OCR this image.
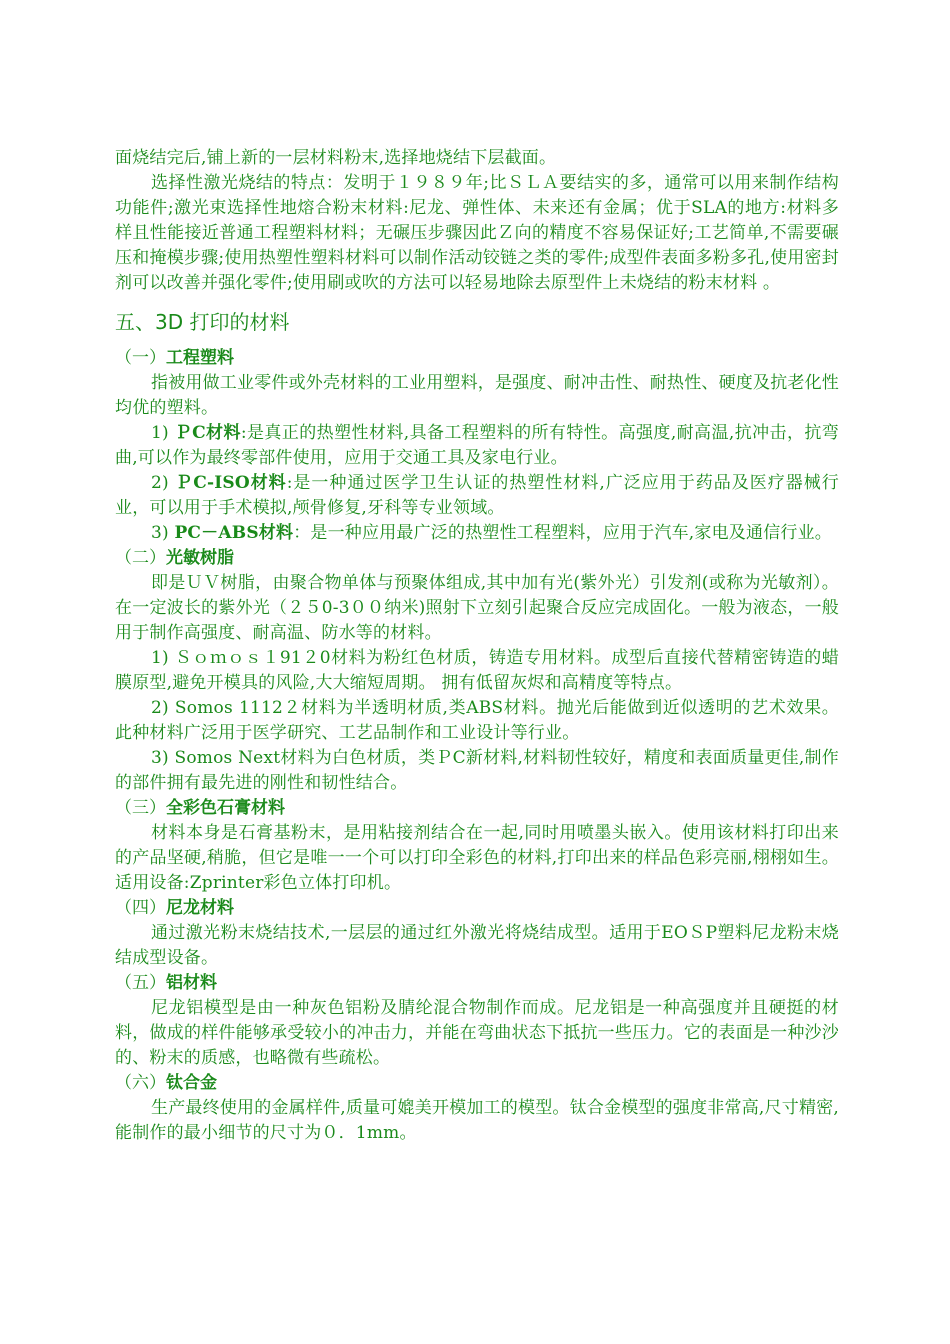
面烧结完后,铺上新的一层材料粉末,选择地烧结下层截面。

选择性激光烧结的特点：发明于１９８９年;比ＳＬＡ要结实的多，通常可以用来制作结构功能件;激光束选择性地熔合粉末材料:尼龙、弹性体、未来还有金属；优于SLA的地方:材料多样且性能接近普通工程塑料材料；无碾压步骤因此Ｚ向的精度不容易保证好;工艺简单,不需要碾压和掩模步骤;使用热塑性塑料材料可以制作活动铰链之类的零件;成型件表面多粉多孔,使用密封剂可以改善并强化零件;使用刷或吹的方法可以轻易地除去原型件上未烧结的粉末材料 。

五、3D 打印的材料
（一）工程塑料

指被用做工业零件或外壳材料的工业用塑料，是强度、耐冲击性、耐热性、硬度及抗老化性均优的塑料。

1) ＰC材料:是真正的热塑性材料,具备工程塑料的所有特性。高强度,耐高温,抗冲击，抗弯曲,可以作为最终零部件使用，应用于交通工具及家电行业。

2) ＰC-ISO材料:是一种通过医学卫生认证的热塑性材料,广泛应用于药品及医疗器械行业，可以用于手术模拟,颅骨修复,牙科等专业领域。

3) PC－ABS材料：是一种应用最广泛的热塑性工程塑料，应用于汽车,家电及通信行业。

（二）光敏树脂

即是ＵＶ树脂，由聚合物单体与预聚体组成,其中加有光(紫外光）引发剂(或称为光敏剂）。在一定波长的紫外光（２５0-3００纳米)照射下立刻引起聚合反应完成固化。一般为液态，一般用于制作高强度、耐高温、防水等的材料。

1) Ｓｏｍｏｓ１91２0材料为粉红色材质，铸造专用材料。成型后直接代替精密铸造的蜡膜原型,避免开模具的风险,大大缩短周期。 拥有低留灰烬和高精度等特点。

2) Somos 1112２材料为半透明材质,类ABS材料。抛光后能做到近似透明的艺术效果。此种材料广泛用于医学研究、工艺品制作和工业设计等行业。

3) Somos Next材料为白色材质，类ＰC新材料,材料韧性较好，精度和表面质量更佳,制作的部件拥有最先进的刚性和韧性结合。

（三）全彩色石膏材料

材料本身是石膏基粉末，是用粘接剂结合在一起,同时用喷墨头嵌入。使用该材料打印出来的产品坚硬,稍脆，但它是唯一一个可以打印全彩色的材料,打印出来的样品色彩亮丽,栩栩如生。适用设备:Zprinter彩色立体打印机。

（四）尼龙材料

通过激光粉末烧结技术,一层层的通过红外激光将烧结成型。适用于EOＳP塑料尼龙粉末烧结成型设备。

（五）铝材料

尼龙铝模型是由一种灰色铝粉及腈纶混合物制作而成。尼龙铝是一种高强度并且硬挺的材料，做成的样件能够承受较小的冲击力，并能在弯曲状态下抵抗一些压力。它的表面是一种沙沙的、粉末的质感，也略微有些疏松。

（六）钛合金

生产最终使用的金属样件,质量可媲美开模加工的模型。钛合金模型的强度非常高,尺寸精密,能制作的最小细节的尺寸为０．1mm。
